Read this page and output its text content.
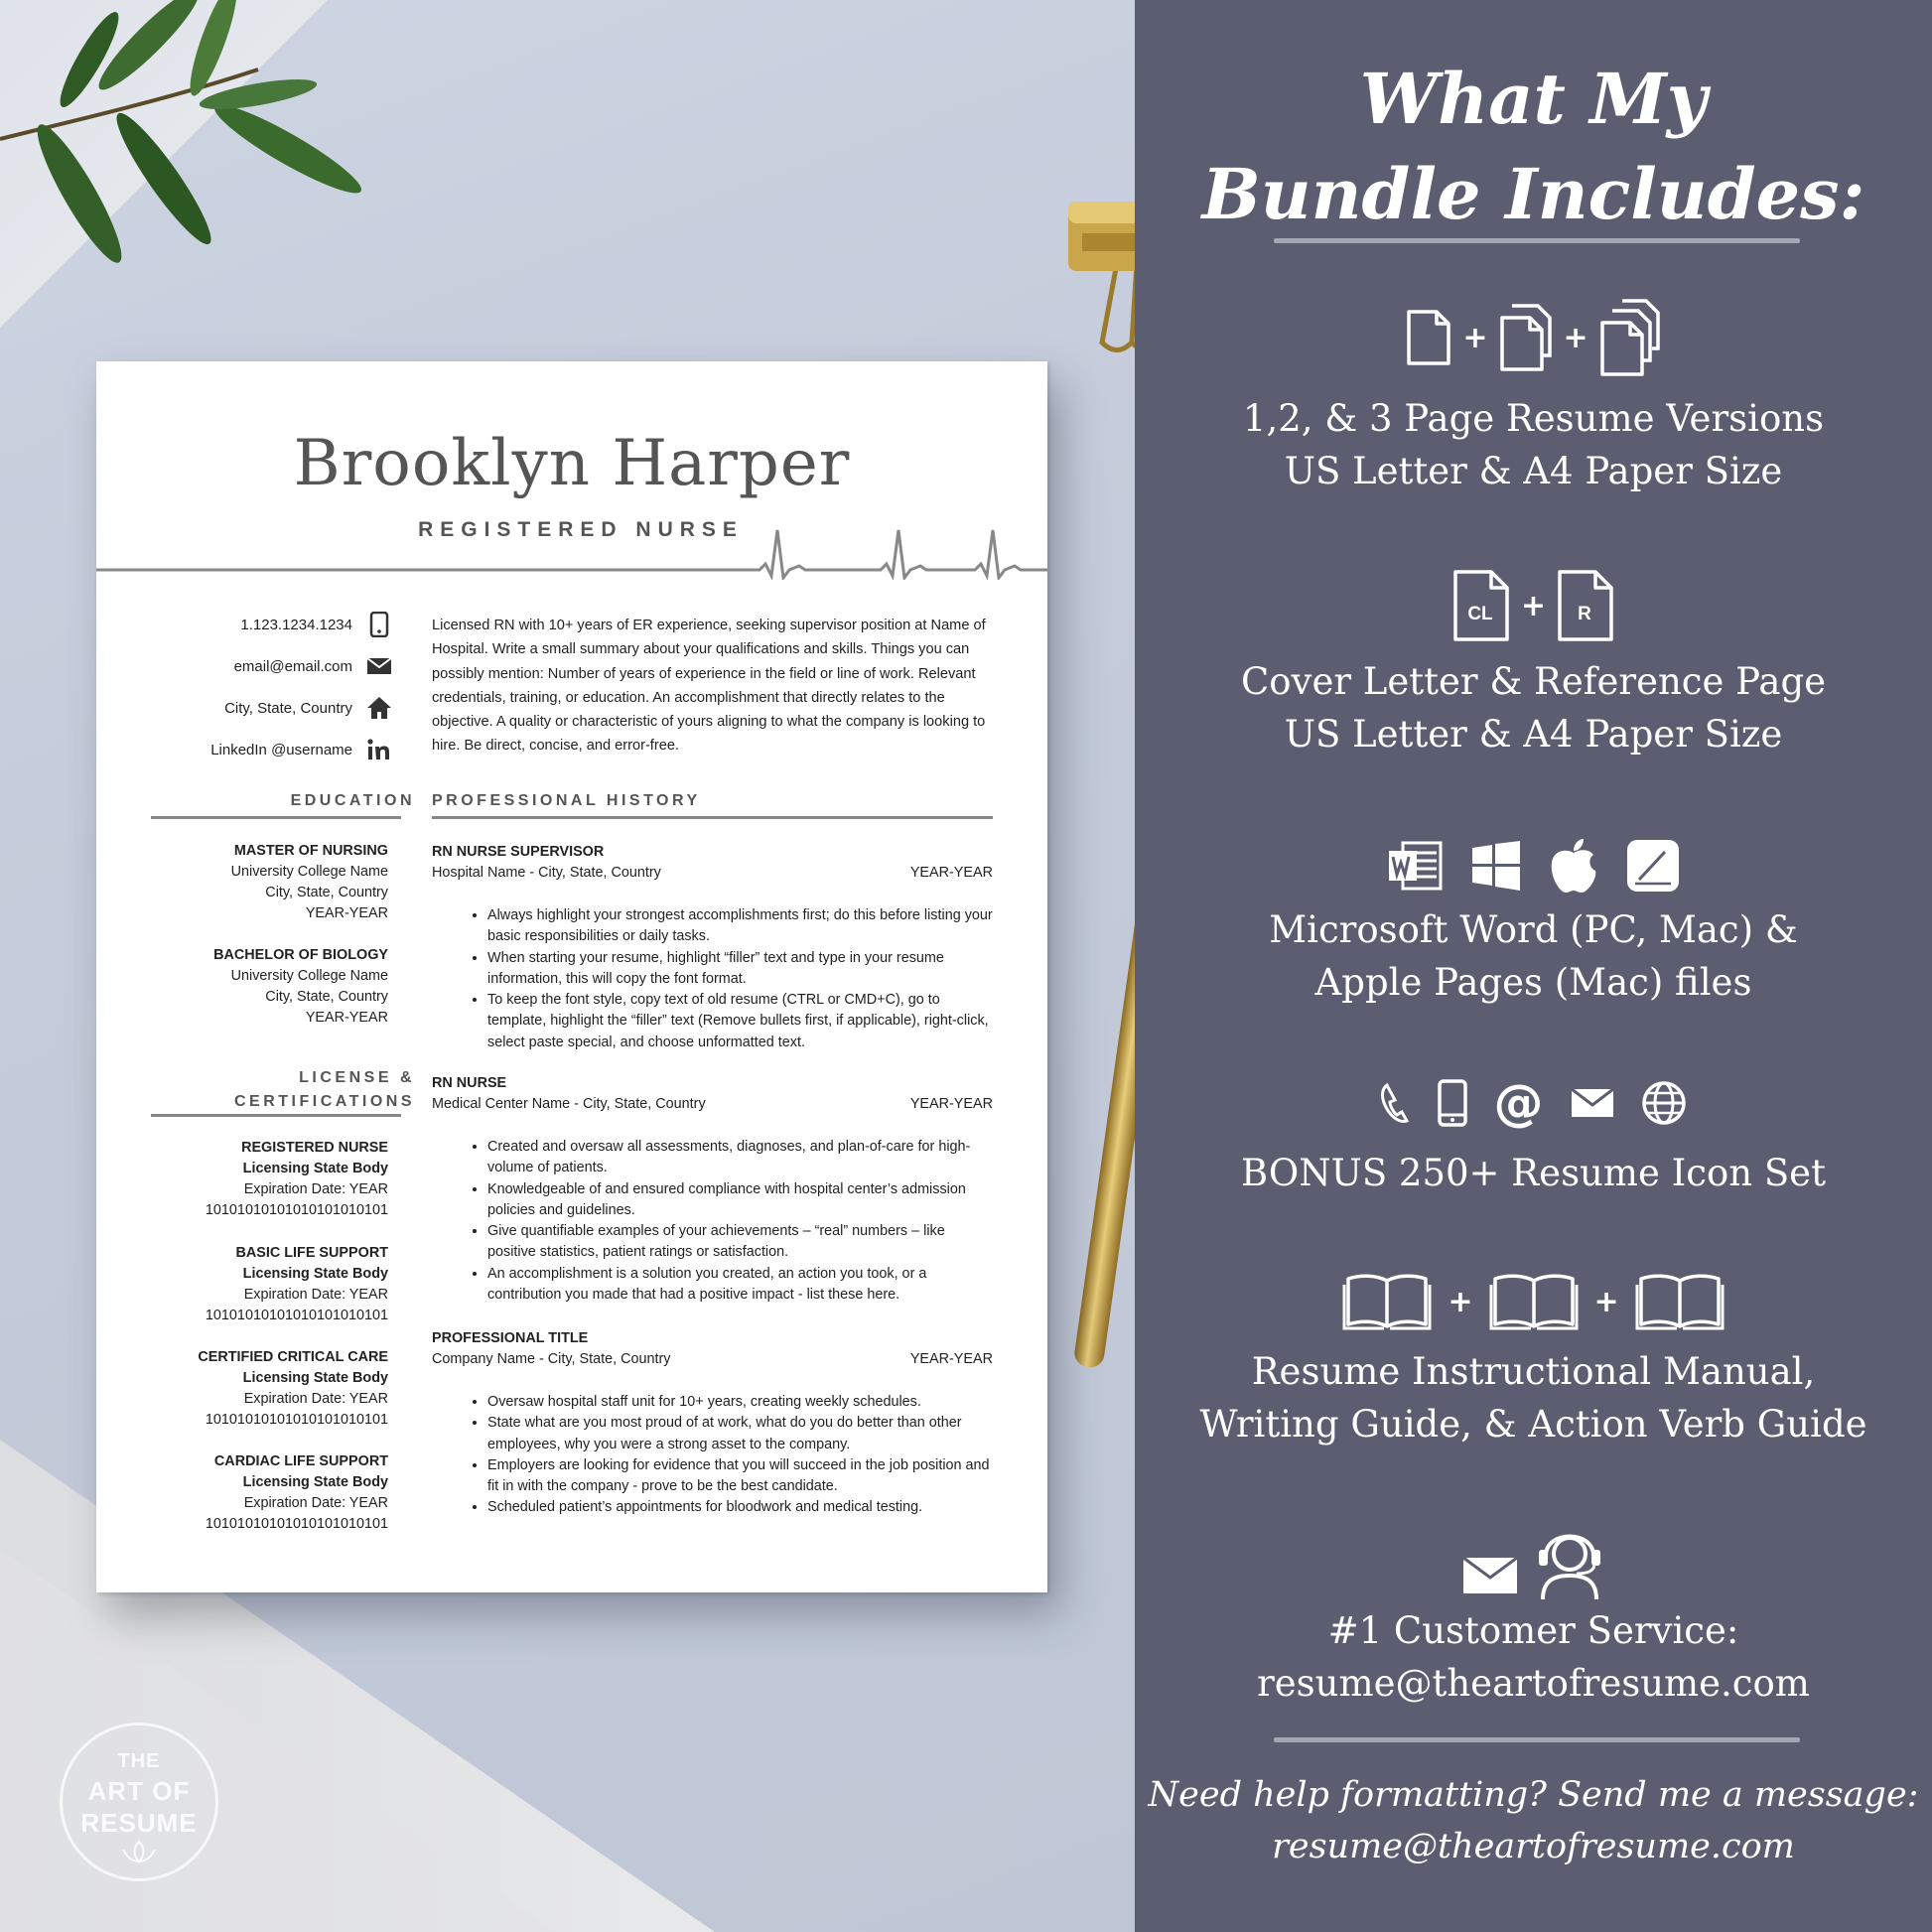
THE
ART OF
RESUME
Brooklyn Harper
REGISTERED NURSE
1.123.1234.1234
email@email.com
City, State, Country
LinkedIn @username
Licensed RN with 10+ years of ER experience, seeking supervisor position at Name of Hospital. Write a small summary about your qualifications and skills. Things you can possibly mention: Number of years of experience in the field or line of work. Relevant credentials, training, or education. An accomplishment that directly relates to the objective. A quality or characteristic of yours aligning to what the company is looking to hire. Be direct, concise, and error-free.
EDUCATION
MASTER OF NURSING
University College Name
City, State, Country
YEAR-YEAR
BACHELOR OF BIOLOGY
University College Name
City, State, Country
YEAR-YEAR
LICENSE &
CERTIFICATIONS
REGISTERED NURSE
Licensing State Body
Expiration Date: YEAR
10101010101010101010101
BASIC LIFE SUPPORT
Licensing State Body
Expiration Date: YEAR
10101010101010101010101
CERTIFIED CRITICAL CARE
Licensing State Body
Expiration Date: YEAR
10101010101010101010101
CARDIAC LIFE SUPPORT
Licensing State Body
Expiration Date: YEAR
10101010101010101010101
PROFESSIONAL HISTORY
RN NURSE SUPERVISOR
Hospital Name - City, State, Country	YEAR-YEAR
• Always highlight your strongest accomplishments first; do this before listing your basic responsibilities or daily tasks.
• When starting your resume, highlight “filler” text and type in your resume information, this will copy the font format.
• To keep the font style, copy text of old resume (CTRL or CMD+C), go to template, highlight the “filler” text (Remove bullets first, if applicable), right-click, select paste special, and choose unformatted text.
RN NURSE
Medical Center Name - City, State, Country	YEAR-YEAR
• Created and oversaw all assessments, diagnoses, and plan-of-care for high-volume of patients.
• Knowledgeable of and ensured compliance with hospital center’s admission policies and guidelines.
• Give quantifiable examples of your achievements – “real” numbers – like positive statistics, patient ratings or satisfaction.
• An accomplishment is a solution you created, an action you took, or a contribution you made that had a positive impact - list these here.
PROFESSIONAL TITLE
Company Name - City, State, Country	YEAR-YEAR
• Oversaw hospital staff unit for 10+ years, creating weekly schedules.
• State what are you most proud of at work, what do you do better than other employees, why you were a strong asset to the company.
• Employers are looking for evidence that you will succeed in the job position and fit in with the company - prove to be the best candidate.
• Scheduled patient’s appointments for bloodwork and medical testing.
What My
Bundle Includes:
+	+
1,2, & 3 Page Resume Versions
US Letter & A4 Paper Size
CL + R
Cover Letter & Reference Page
US Letter & A4 Paper Size
Microsoft Word (PC, Mac) &
Apple Pages (Mac) files
@
BONUS 250+ Resume Icon Set
+	+
Resume Instructional Manual,
Writing Guide, & Action Verb Guide
#1 Customer Service:
resume@theartofresume.com
Need help formatting? Send me a message:
resume@theartofresume.com
